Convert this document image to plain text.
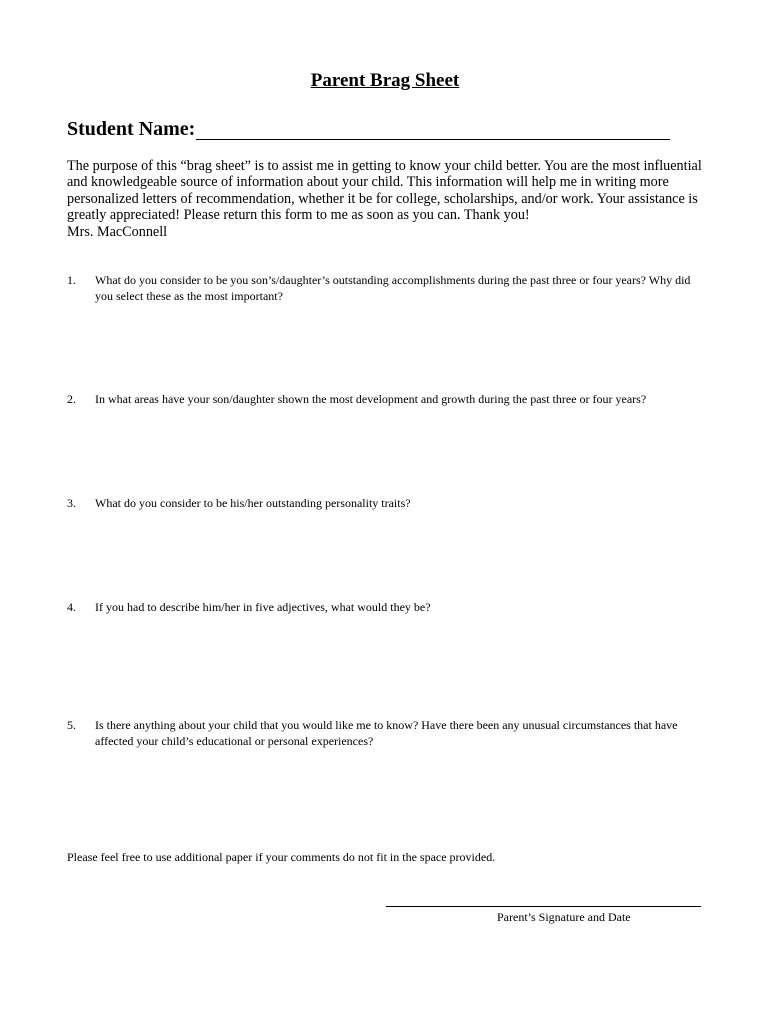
Parent Brag Sheet
Student Name:

The purpose of this “brag sheet” is to assist me in getting to know your child better. You are the most influential and knowledgeable source of information about your child. This information will help me in writing more personalized letters of recommendation, whether it be for college, scholarships, and/or work. Your assistance is greatly appreciated! Please return this form to me as soon as you can. Thank you!

Mrs. MacConnell

1. What do you consider to be you son’s/daughter’s outstanding accomplishments during the past three or four years? Why did you select these as the most important?
2. In what areas have your son/daughter shown the most development and growth during the past three or four years?
3. What do you consider to be his/her outstanding personality traits?
4. If you had to describe him/her in five adjectives, what would they be?
5. Is there anything about your child that you would like me to know? Have there been any unusual circumstances that have affected your child’s educational or personal experiences?
Please feel free to use additional paper if your comments do not fit in the space provided.
Parent’s Signature and Date
